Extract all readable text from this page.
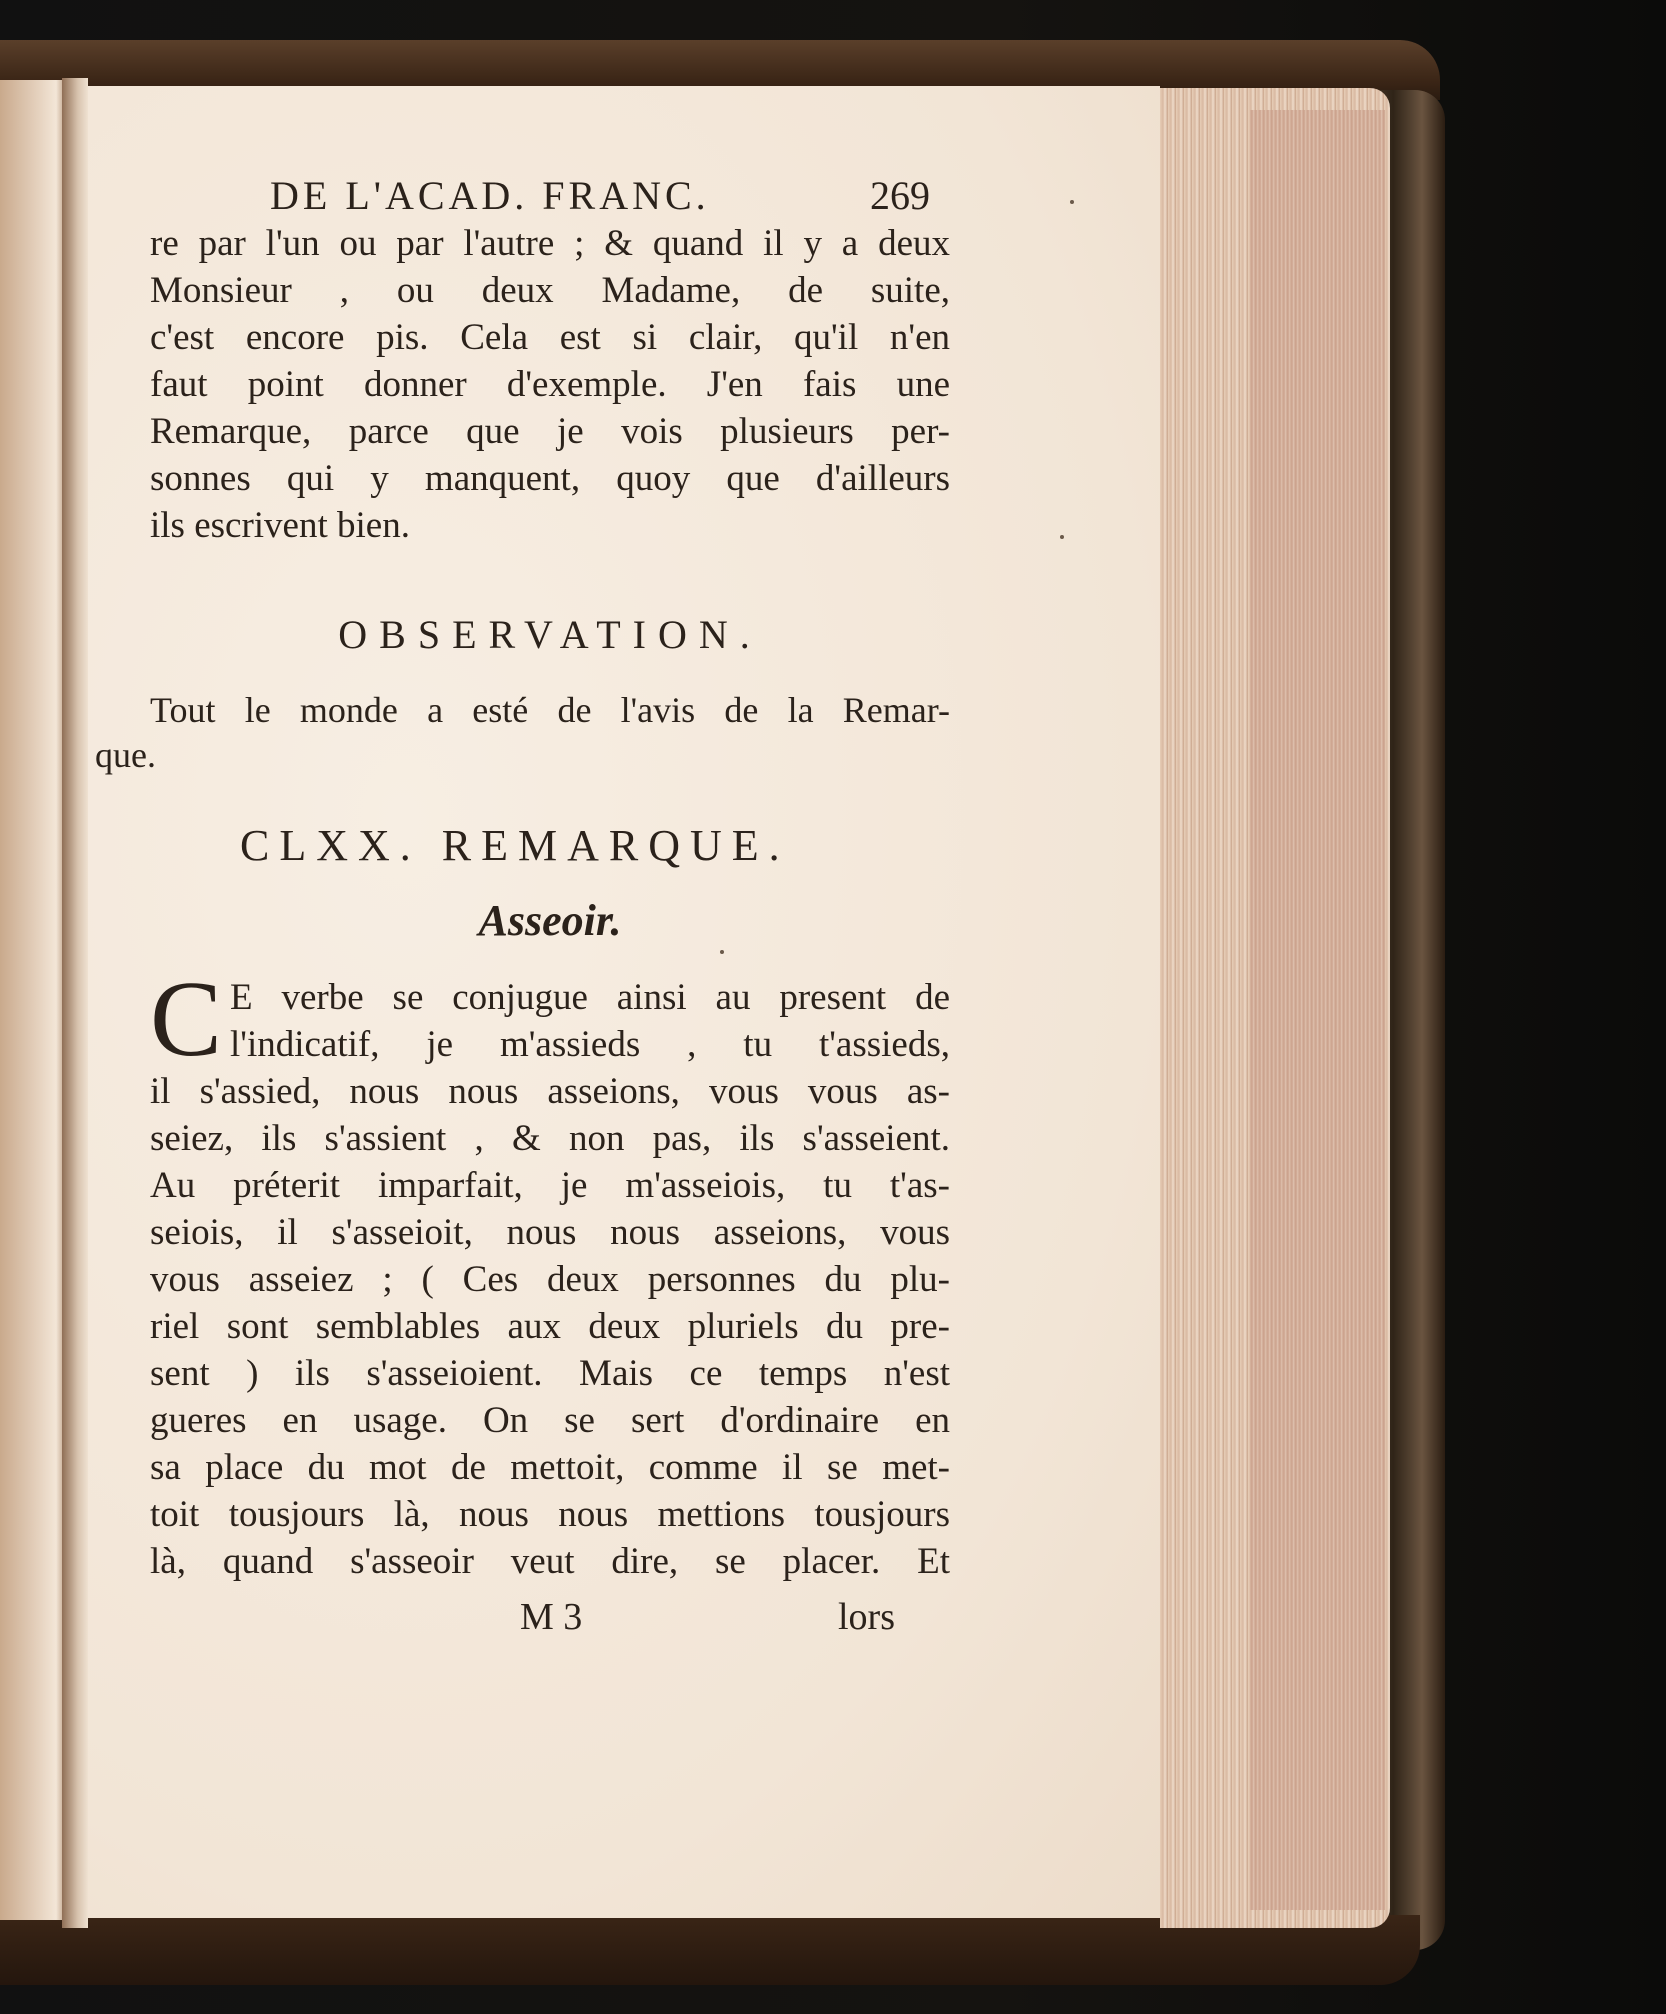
DE L'ACAD. FRANC.	269

re par l'un ou par l'autre ; & quand il y a deux
Monsieur , ou deux Madame, de suite,
c'est encore pis. Cela est si clair, qu'il n'en
faut point donner d'exemple. J'en fais une
Remarque, parce que je vois plusieurs per-
sonnes qui y manquent, quoy que d'ailleurs
ils escrivent bien.

OBSERVATION.

Tout le monde a esté de l'avis de la Remar-
que.

CLXX. REMARQUE.
Asseoir.
C E verbe se conjugue ainsi au present de
l'indicatif, je m'assieds , tu t'assieds,
il s'assied, nous nous asseions, vous vous as-
seiez, ils s'assient , & non pas, ils s'asseient.
Au préterit imparfait, je m'asseiois, tu t'as-
seiois, il s'asseioit, nous nous asseions, vous
vous asseiez ; ( Ces deux personnes du plu-
riel sont semblables aux deux pluriels du pre-
sent ) ils s'asseioient. Mais ce temps n'est
gueres en usage. On se sert d'ordinaire en
sa place du mot de mettoit, comme il se met-
toit tousjours là, nous nous mettions tousjours
là, quand s'asseoir veut dire, se placer. Et

M 3	lors
